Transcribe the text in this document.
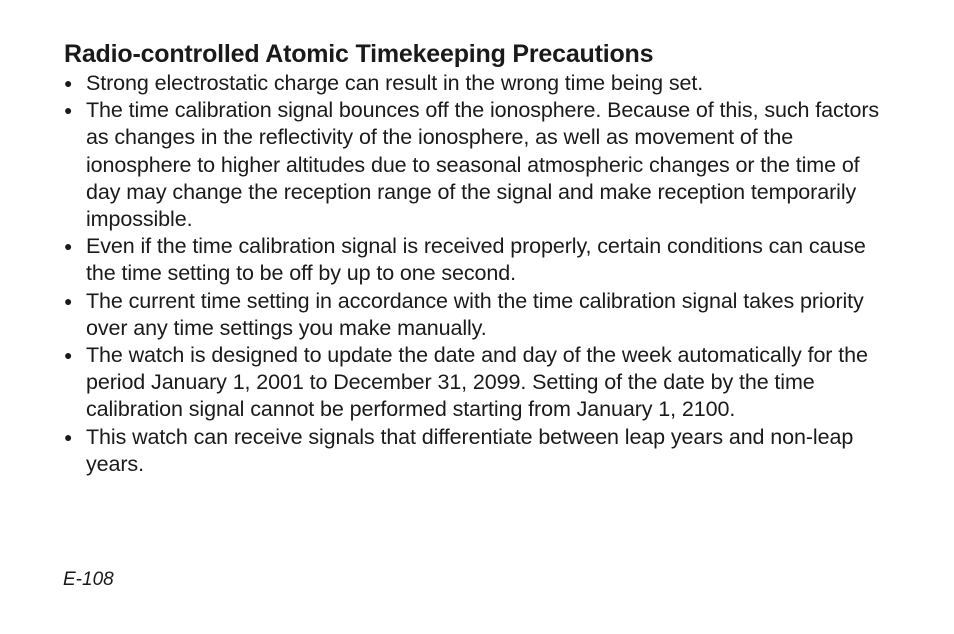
Radio-controlled Atomic Timekeeping Precautions
● Strong electrostatic charge can result in the wrong time being set.
● The time calibration signal bounces off the ionosphere. Because of this, such factors as changes in the reflectivity of the ionosphere, as well as movement of the ionosphere to higher altitudes due to seasonal atmospheric changes or the time of day may change the reception range of the signal and make reception temporarily impossible.
● Even if the time calibration signal is received properly, certain conditions can cause the time setting to be off by up to one second.
● The current time setting in accordance with the time calibration signal takes priority over any time settings you make manually.
● The watch is designed to update the date and day of the week automatically for the period January 1, 2001 to December 31, 2099. Setting of the date by the time calibration signal cannot be performed starting from January 1, 2100.
● This watch can receive signals that differentiate between leap years and non-leap years.
E-108
